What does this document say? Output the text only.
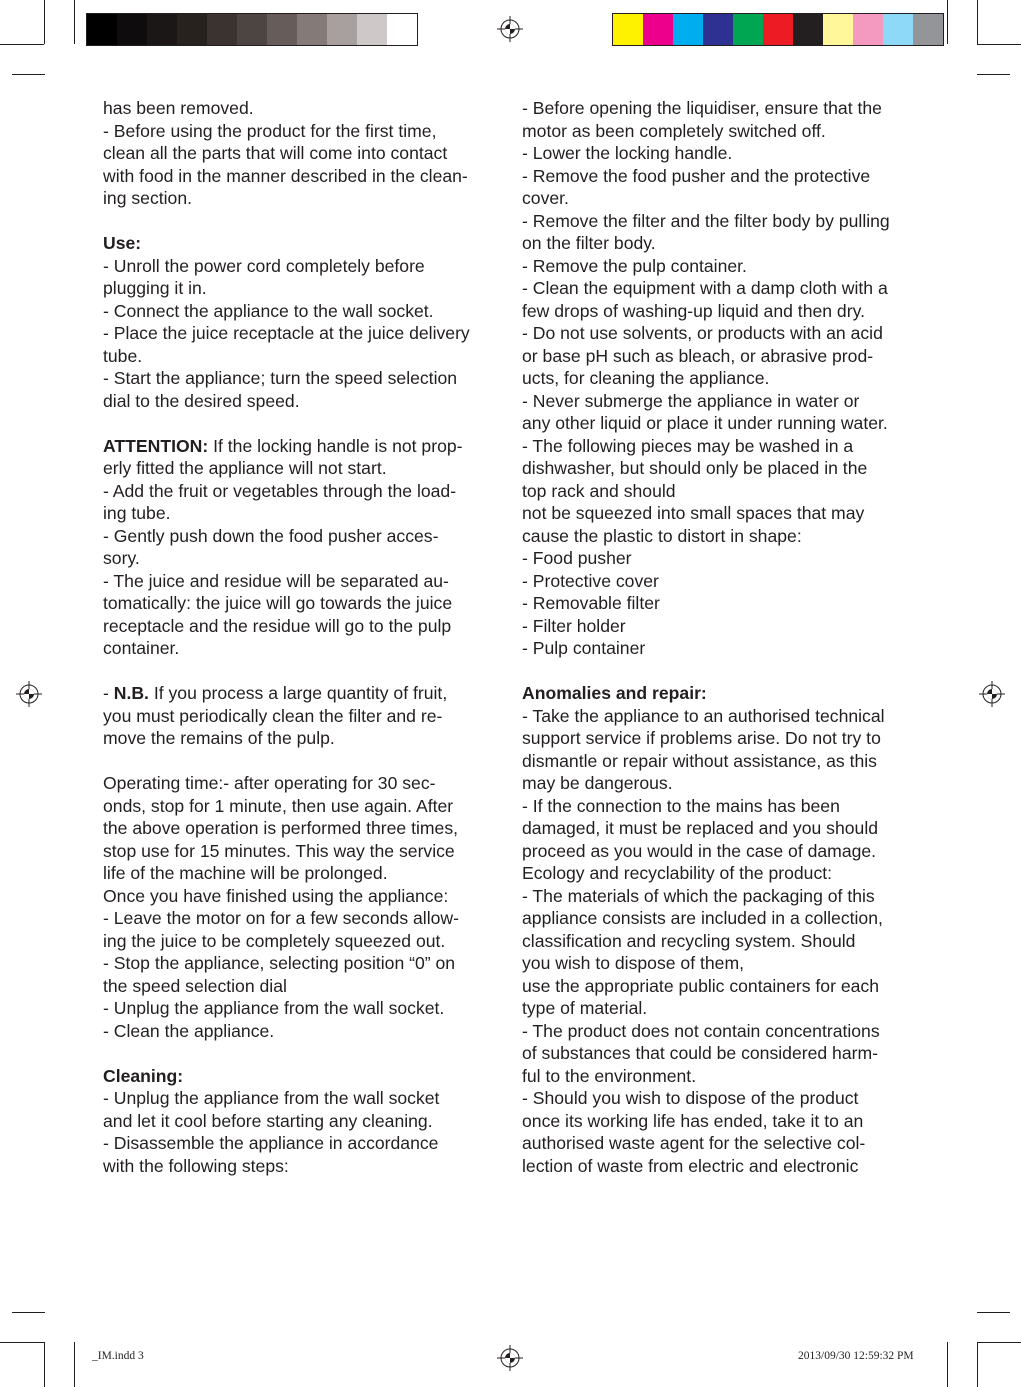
has been removed.

- Before using the product for the first time,

clean all the parts that will come into contact

with food in the manner described in the clean-

ing section.

Use:

- Unroll the power cord completely before

plugging it in.

- Connect the appliance to the wall socket.

- Place the juice receptacle at the juice delivery

tube.

- Start the appliance; turn the speed selection

dial to the desired speed.

ATTENTION: If the locking handle is not prop-

erly fitted the appliance will not start.

- Add the fruit or vegetables through the load-

ing tube.

- Gently push down the food pusher acces-

sory.

- The juice and residue will be separated au-

tomatically: the juice will go towards the juice

receptacle and the residue will go to the pulp

container.

- N.B. If you process a large quantity of fruit,

you must periodically clean the filter and re-

move the remains of the pulp.

Operating time:- after operating for 30 sec-

onds, stop for 1 minute, then use again. After

the above operation is performed three times,

stop use for 15 minutes. This way the service

life of the machine will be prolonged.

Once you have finished using the appliance:

- Leave the motor on for a few seconds allow-

ing the juice to be completely squeezed out.

- Stop the appliance, selecting position “0” on

the speed selection dial

- Unplug the appliance from the wall socket.

- Clean the appliance.

Cleaning:

- Unplug the appliance from the wall socket

and let it cool before starting any cleaning.

- Disassemble the appliance in accordance

with the following steps:

- Before opening the liquidiser, ensure that the

motor as been completely switched off.

- Lower the locking handle.

- Remove the food pusher and the protective

cover.

- Remove the filter and the filter body by pulling

on the filter body.

- Remove the pulp container.

- Clean the equipment with a damp cloth with a

few drops of washing-up liquid and then dry.

- Do not use solvents, or products with an acid

or base pH such as bleach, or abrasive prod-

ucts, for cleaning the appliance.

- Never submerge the appliance in water or

any other liquid or place it under running water.

- The following pieces may be washed in a

dishwasher, but should only be placed in the

top rack and should

not be squeezed into small spaces that may

cause the plastic to distort in shape:

- Food pusher

- Protective cover

- Removable filter

- Filter holder

- Pulp container

Anomalies and repair:

- Take the appliance to an authorised technical

support service if problems arise. Do not try to

dismantle or repair without assistance, as this

may be dangerous.

- If the connection to the mains has been

damaged, it must be replaced and you should

proceed as you would in the case of damage.

Ecology and recyclability of the product:

- The materials of which the packaging of this

appliance consists are included in a collection,

classification and recycling system. Should

you wish to dispose of them,

use the appropriate public containers for each

type of material.

- The product does not contain concentrations

of substances that could be considered harm-

ful to the environment.

- Should you wish to dispose of the product

once its working life has ended, take it to an

authorised waste agent for the selective col-

lection of waste from electric and electronic

_IM.indd 3	2013/09/30 12:59:32 PM
